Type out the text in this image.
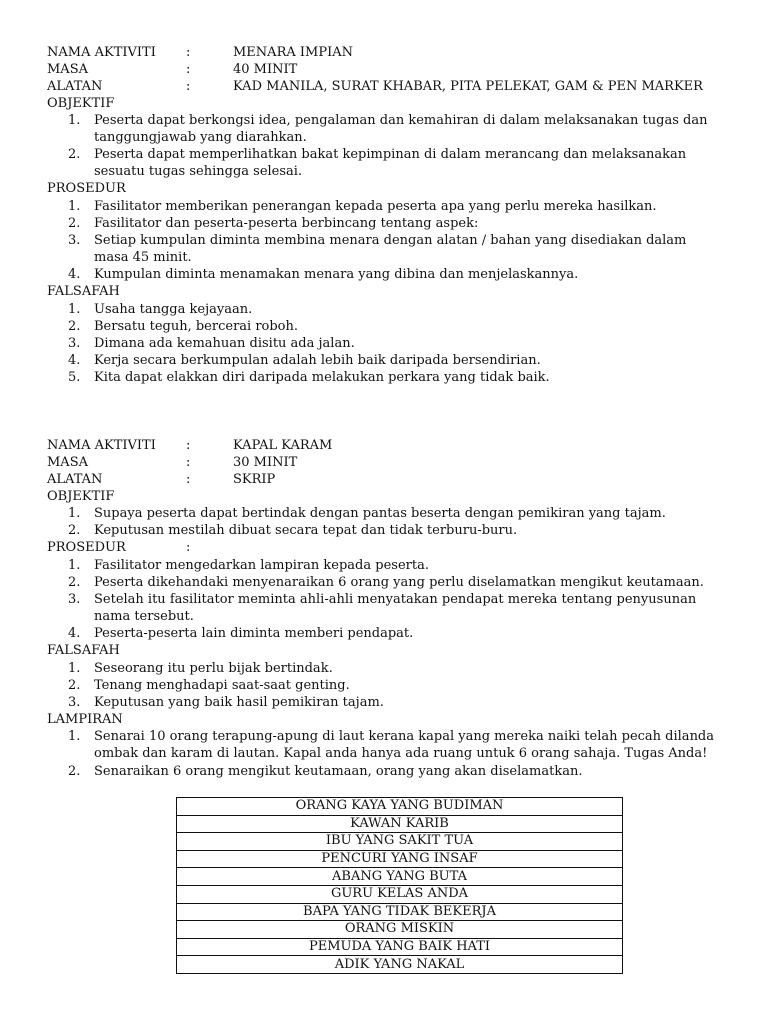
NAMA AKTIVITI :	MENARA IMPIAN
MASA	:	40 MINIT
ALATAN	:	KAD MANILA, SURAT KHABAR, PITA PELEKAT, GAM & PEN MARKER
OBJEKTIF
1. Peserta dapat berkongsi idea, pengalaman dan kemahiran di dalam melaksanakan tugas dan
tanggungjawab yang diarahkan.
2. Peserta dapat memperlihatkan bakat kepimpinan di dalam merancang dan melaksanakan
sesuatu tugas sehingga selesai.
PROSEDUR
1. Fasilitator memberikan penerangan kepada peserta apa yang perlu mereka hasilkan.
2. Fasilitator dan peserta-peserta berbincang tentang aspek:
3. Setiap kumpulan diminta membina menara dengan alatan / bahan yang disediakan dalam
masa 45 minit.
4. Kumpulan diminta menamakan menara yang dibina dan menjelaskannya.
FALSAFAH
1. Usaha tangga kejayaan.
2. Bersatu teguh, bercerai roboh.
3. Dimana ada kemahuan disitu ada jalan.
4. Kerja secara berkumpulan adalah lebih baik daripada bersendirian.
5. Kita dapat elakkan diri daripada melakukan perkara yang tidak baik.
NAMA AKTIVITI :	KAPAL KARAM
MASA	:	30 MINIT
ALATAN	:	SKRIP
OBJEKTIF
1. Supaya peserta dapat bertindak dengan pantas beserta dengan pemikiran yang tajam.
2. Keputusan mestilah dibuat secara tepat dan tidak terburu-buru.
PROSEDUR	:
1. Fasilitator mengedarkan lampiran kepada peserta.
2. Peserta dikehandaki menyenaraikan 6 orang yang perlu diselamatkan mengikut keutamaan.
3. Setelah itu fasilitator meminta ahli-ahli menyatakan pendapat mereka tentang penyusunan
nama tersebut.
4. Peserta-peserta lain diminta memberi pendapat.
FALSAFAH
1. Seseorang itu perlu bijak bertindak.
2. Tenang menghadapi saat-saat genting.
3. Keputusan yang baik hasil pemikiran tajam.
LAMPIRAN
1. Senarai 10 orang terapung-apung di laut kerana kapal yang mereka naiki telah pecah dilanda
ombak dan karam di lautan. Kapal anda hanya ada ruang untuk 6 orang sahaja. Tugas Anda!
2. Senaraikan 6 orang mengikut keutamaan, orang yang akan diselamatkan.
ORANG KAYA YANG BUDIMAN
KAWAN KARIB
IBU YANG SAKIT TUA
PENCURI YANG INSAF
ABANG YANG BUTA
GURU KELAS ANDA
BAPA YANG TIDAK BEKERJA
ORANG MISKIN
PEMUDA YANG BAIK HATI
ADIK YANG NAKAL
